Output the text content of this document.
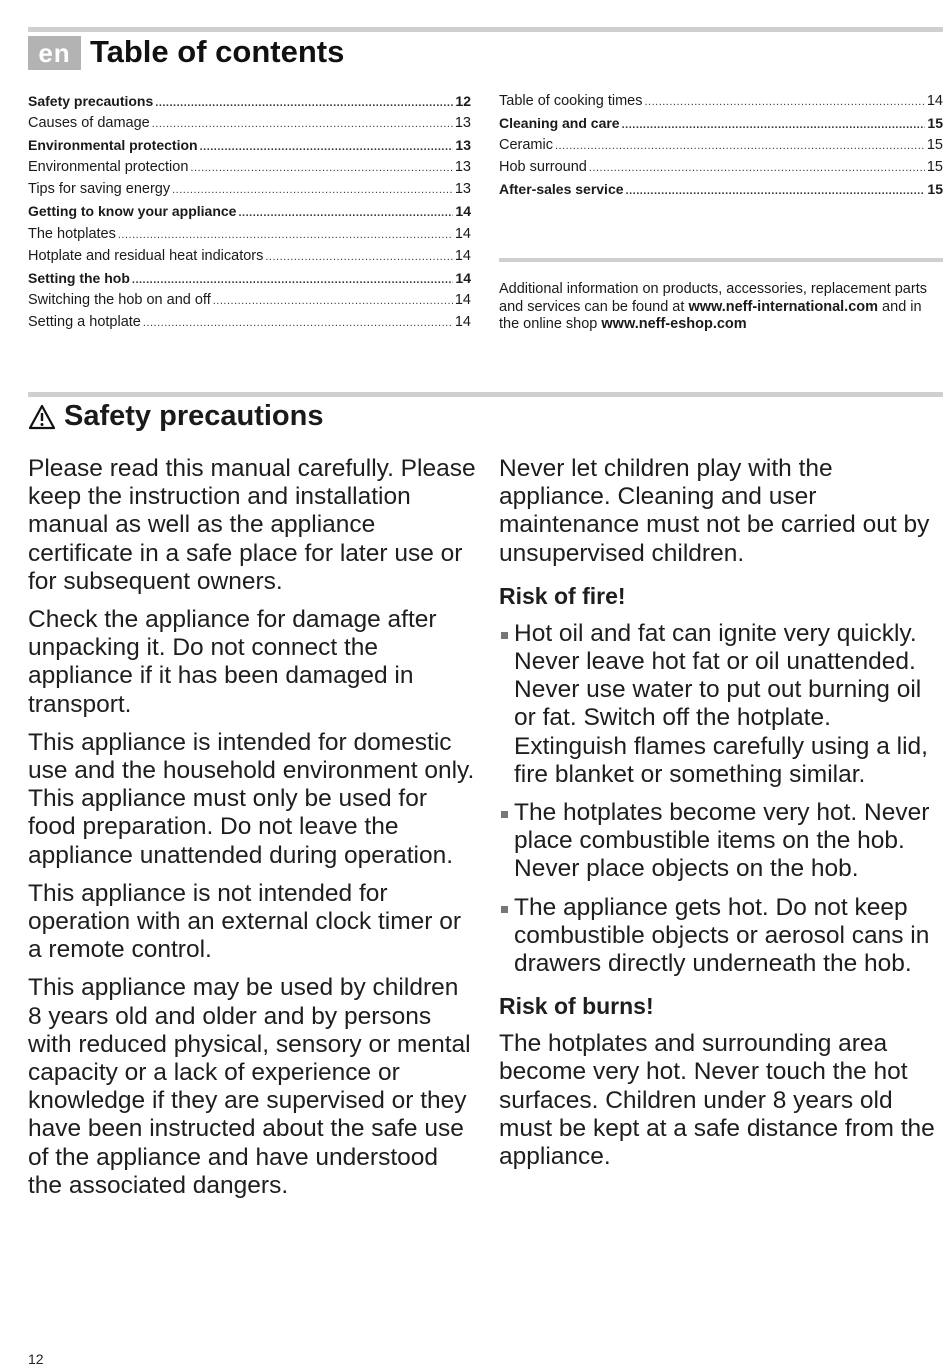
en Table of contents
Safety precautions .....	12
Causes of damage .....	13
Environmental protection .....	13
Environmental protection .....	13
Tips for saving energy .....	13
Getting to know your appliance .....	14
The hotplates .....	14
Hotplate and residual heat indicators .....	14
Setting the hob .....	14
Switching the hob on and off .....	14
Setting a hotplate .....	14
Table of cooking times .....	14
Cleaning and care .....	15
Ceramic .....	15
Hob surround .....	15
After-sales service .....	15
Additional information on products, accessories, replacement parts and services can be found at www.neff-international.com and in the online shop www.neff-eshop.com
Safety precautions

Please read this manual carefully. Please keep the instruction and installation manual as well as the appliance certificate in a safe place for later use or for subsequent owners.

Check the appliance for damage after unpacking it. Do not connect the appliance if it has been damaged in transport.

This appliance is intended for domestic use and the household environment only. This appliance must only be used for food preparation. Do not leave the appliance unattended during operation.

This appliance is not intended for operation with an external clock timer or a remote control.

This appliance may be used by children 8 years old and older and by persons with reduced physical, sensory or mental capacity or a lack of experience or knowledge if they are supervised or they have been instructed about the safe use of the appliance and have understood the associated dangers.

Never let children play with the appliance. Cleaning and user maintenance must not be carried out by unsupervised children.

Risk of fire!
Hot oil and fat can ignite very quickly. Never leave hot fat or oil unattended. Never use water to put out burning oil or fat. Switch off the hotplate. Extinguish flames carefully using a lid, fire blanket or something similar.
The hotplates become very hot. Never place combustible items on the hob. Never place objects on the hob.
The appliance gets hot. Do not keep combustible objects or aerosol cans in drawers directly underneath the hob.
Risk of burns!

The hotplates and surrounding area become very hot. Never touch the hot surfaces. Children under 8 years old must be kept at a safe distance from the appliance.

12
